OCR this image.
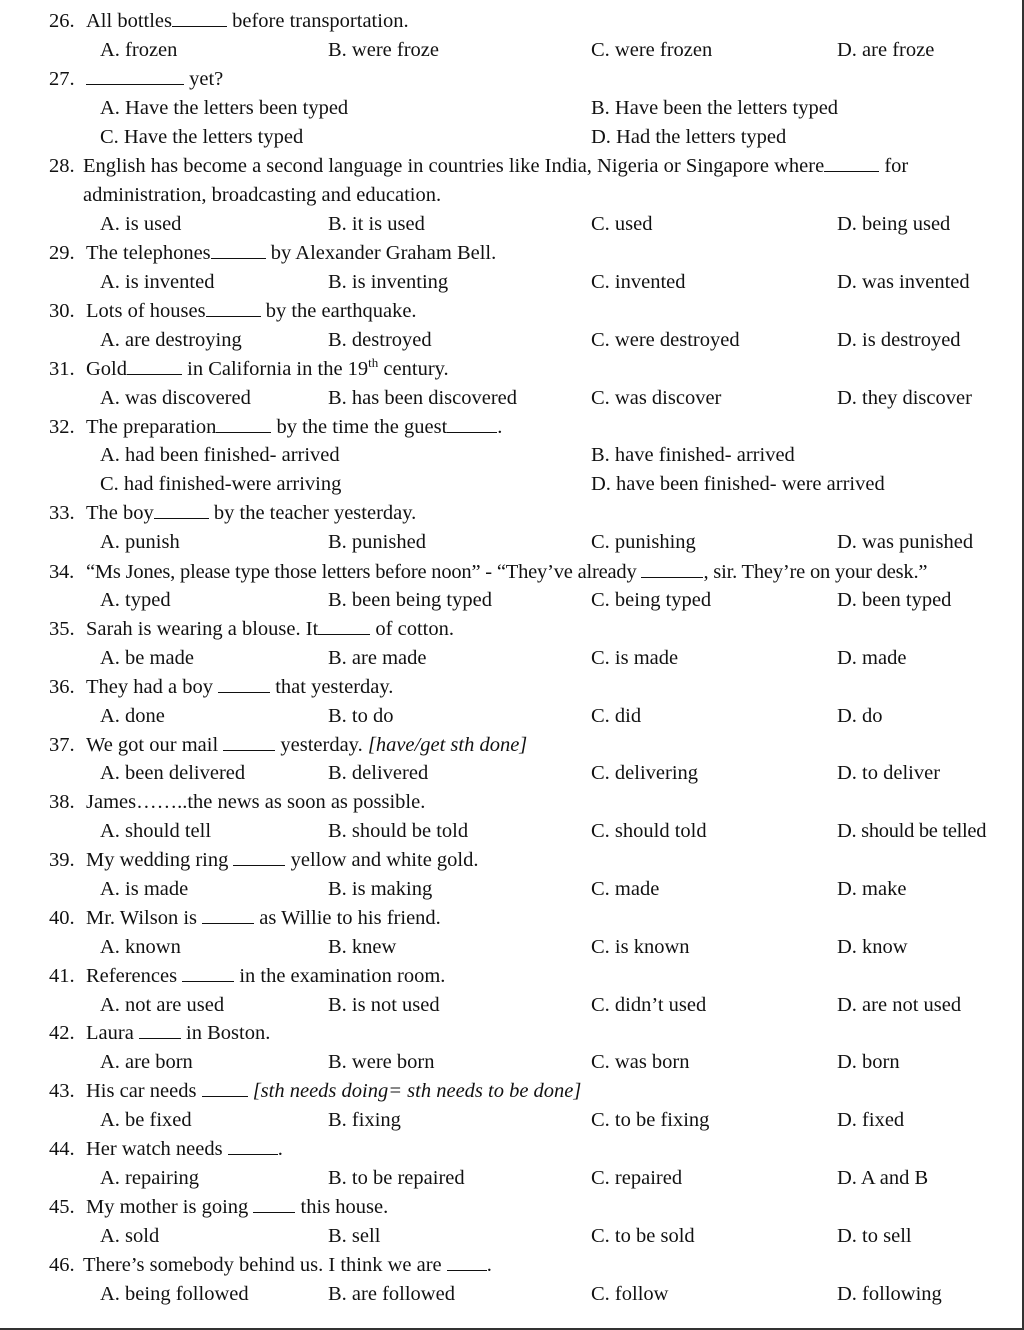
26. All bottles	before transportation.
A. frozen	B. were froze	C. were frozen	D. are froze
27.	yet?
A. Have the letters been typed	B. Have been the letters typed
C. Have the letters typed	D. Had the letters typed
28. English has become a second language in countries like India, Nigeria or Singapore where	for
administration, broadcasting and education.
A. is used	B. it is used	C. used	D. being used
29. The telephones	by Alexander Graham Bell.
A. is invented	B. is inventing	C. invented	D. was invented
30. Lots of houses	by the earthquake.
A. are destroying	B. destroyed	C. were destroyed	D. is destroyed
31. Gold	in California in the 19th century.
A. was discovered	B. has been discovered	C. was discover	D. they discover
32. The preparation	by the time the guest .
A. had been finished- arrived	B. have finished- arrived
C. had finished-were arriving	D. have been finished- were arrived
33. The boy	by the teacher yesterday.
A. punish	B. punished	C. punishing	D. was punished
34. “Ms Jones, please type those letters before noon” - “They’ve already	, sir. They’re on your desk.”
A. typed	B. been being typed	C. being typed	D. been typed
35. Sarah is wearing a blouse. It	of cotton.
A. be made	B. are made	C. is made	D. made
36. They had a boy	that yesterday.
A. done	B. to do	C. did	D. do
37. We got our mail	yesterday. [have/get sth done]
A. been delivered	B. delivered	C. delivering	D. to deliver
38. James……..the news as soon as possible.
A. should tell	B. should be told	C. should told	D. should be telled
39. My wedding ring	yellow and white gold.
A. is made	B. is making	C. made	D. make
40. Mr. Wilson is	as Willie to his friend.
A. known	B. knew	C. is known	D. know
41. References	in the examination room.
A. not are used	B. is not used	C. didn’t used	D. are not used
42. Laura	in Boston.
A. are born	B. were born	C. was born	D. born
43. His car needs	[sth needs doing= sth needs to be done]
A. be fixed	B. fixing	C. to be fixing	D. fixed
44. Her watch needs	.
A. repairing	B. to be repaired	C. repaired	D. A and B
45. My mother is going	this house.
A. sold	B. sell	C. to be sold	D. to sell
46. There’s somebody behind us. I think we are .
A. being followed	B. are followed	C. follow	D. following
